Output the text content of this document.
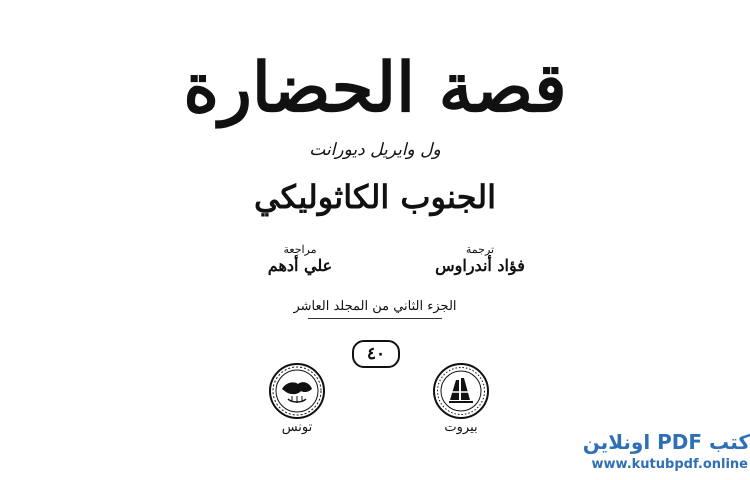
قصة الحضارة
ول وايريل ديورانت
الجنوب الكاثوليكي
ترجمة
فؤاد أندراوس
مراجعة
علي أدهم
الجزء الثاني من المجلد العاشر
٤٠
تونس	بيروت
كتب PDF اونلاين
www.kutubpdf.online
